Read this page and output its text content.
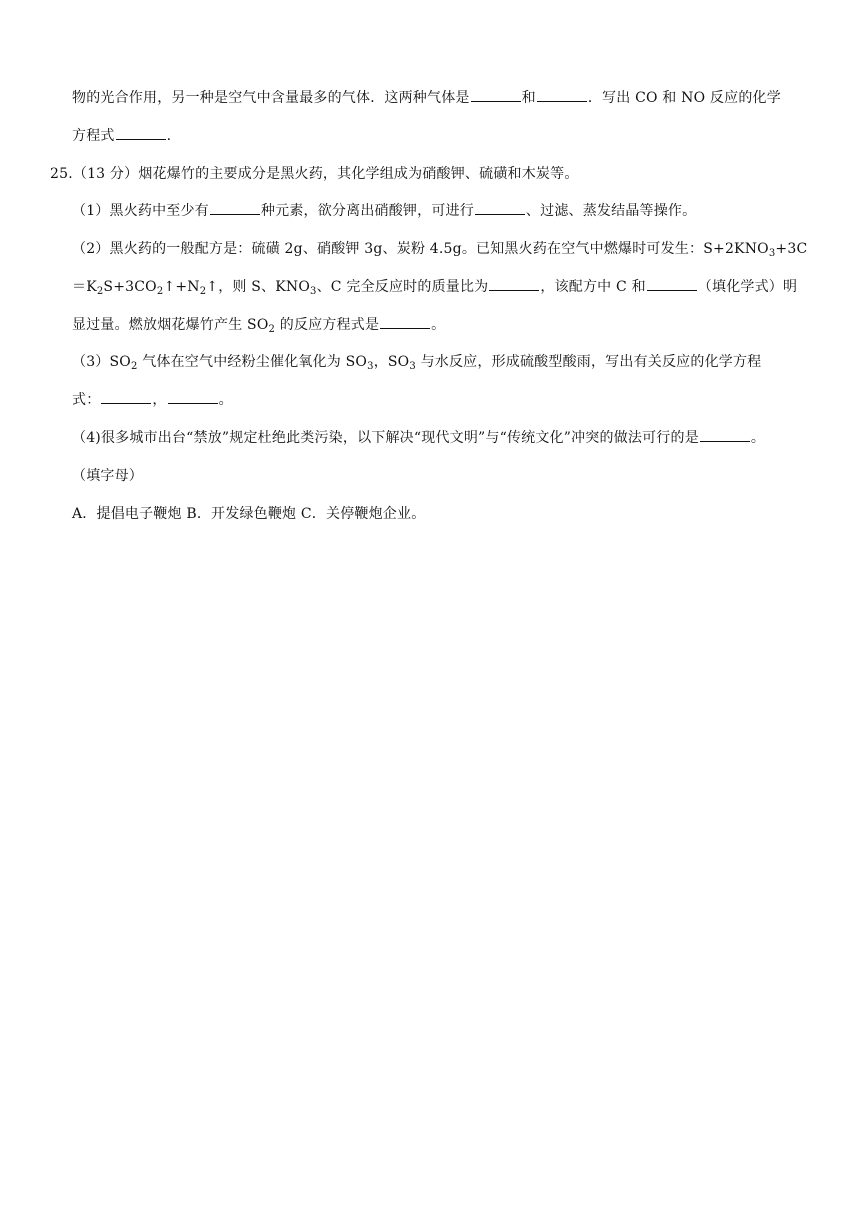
物的光合作用，另一种是空气中含量最多的气体．这两种气体是	和	．写出 CO 和 NO 反应的化学
方程式	.
25.（13 分）烟花爆竹的主要成分是黑火药，其化学组成为硝酸钾、硫磺和木炭等。
（1）黑火药中至少有	种元素，欲分离出硝酸钾，可进行	、过滤、蒸发结晶等操作。
（2）黑火药的一般配方是：硫磺 2g、硝酸钾 3g、炭粉 4.5g。已知黑火药在空气中燃爆时可发生：$S+2KNO_3+3C$
$=K_2S+3CO_2↑+N_2↑$，则 S、$KNO_3$、C 完全反应时的质量比为	，该配方中 C 和	（填化学式）明
显过量。燃放烟花爆竹产生 $SO_2$ 的反应方程式是	。
$(3)SO_2$ 气体在空气中经粉尘催化氧化为 $SO_3$，$SO_3$ 与水反应，形成硫酸型酸雨，写出有关反应的化学方程
式：	，	。
（4)很多城市出台“禁放”规定杜绝此类污染，以下解决“现代文明”与“传统文化”冲突的做法可行的是	。
（填字母）
A．提倡电子鞭炮 B．开发绿色鞭炮 C．关停鞭炮企业。
